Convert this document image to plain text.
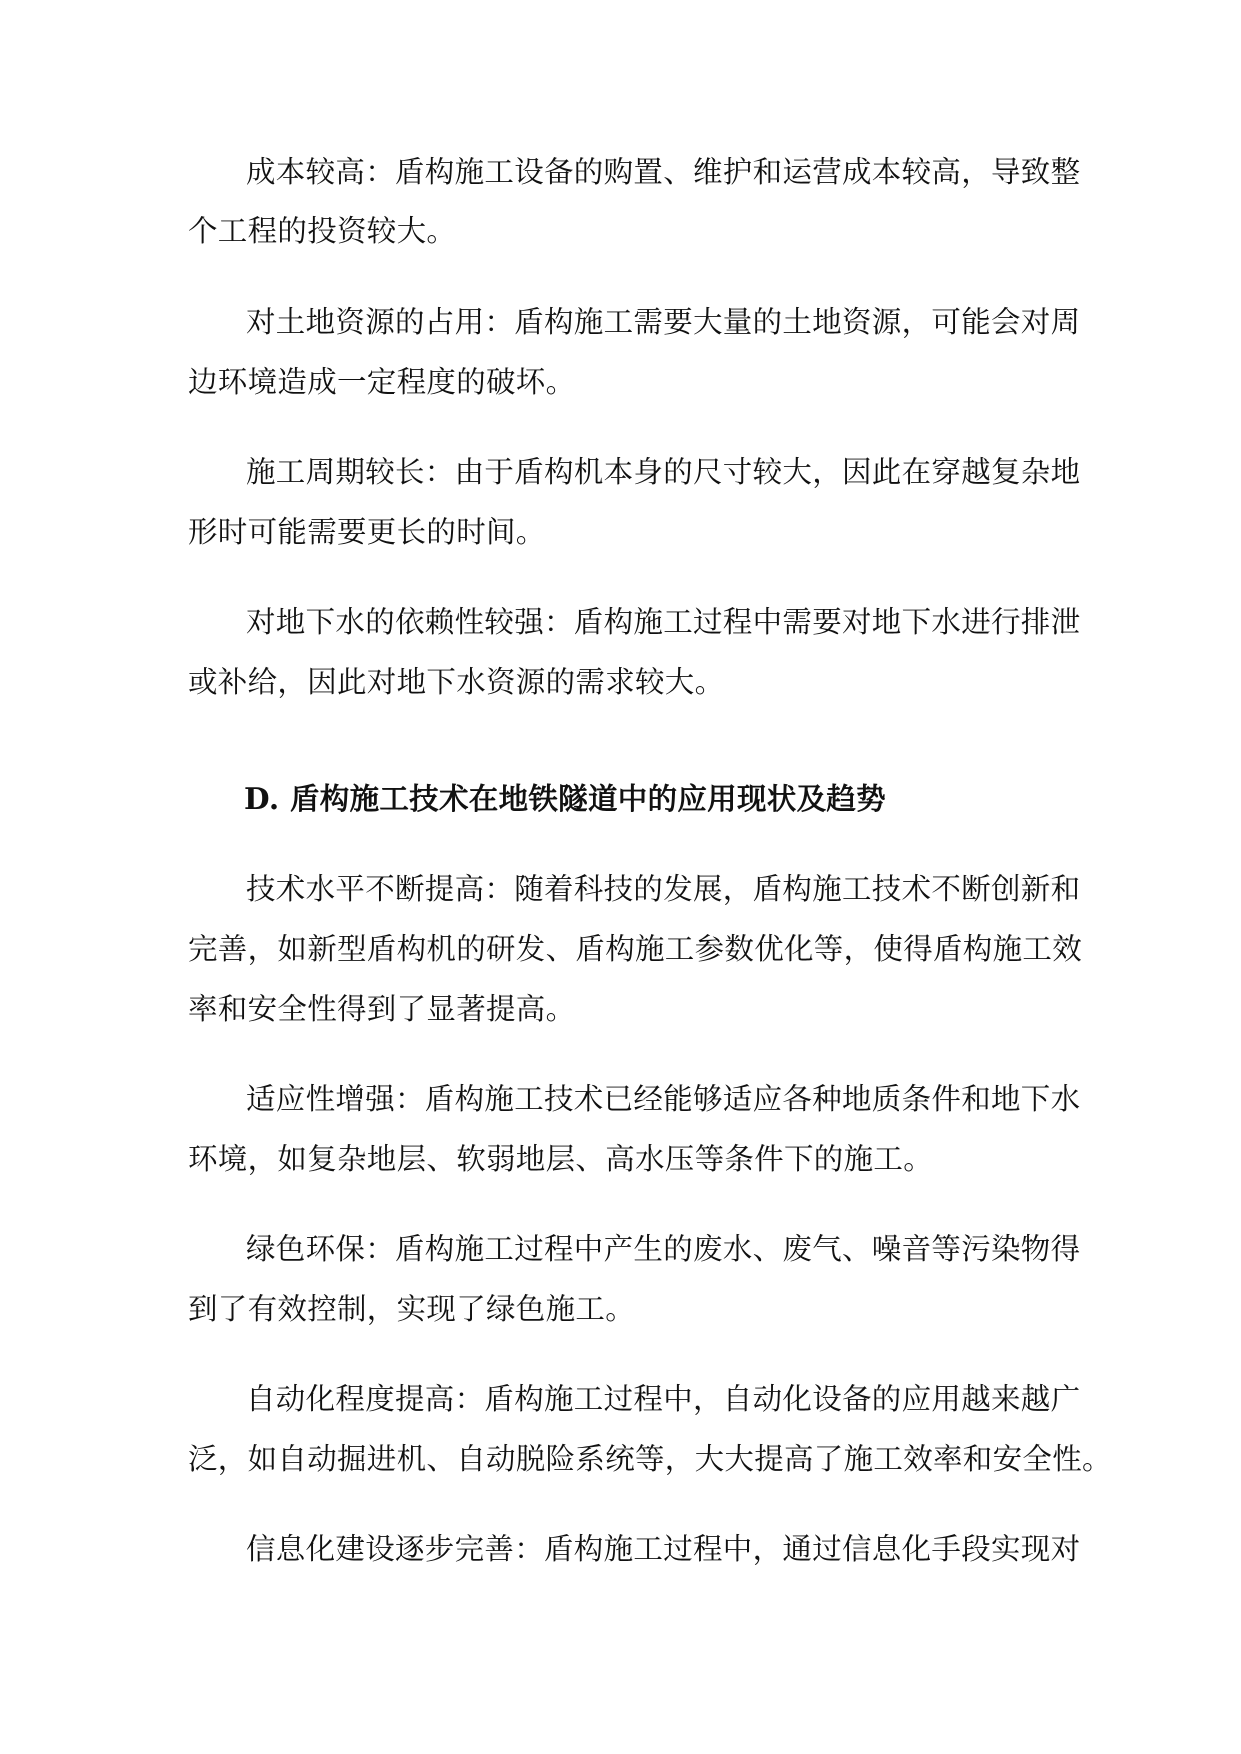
成本较高：盾构施工设备的购置、维护和运营成本较高，导致整
个工程的投资较大。
对土地资源的占用：盾构施工需要大量的土地资源，可能会对周
边环境造成一定程度的破坏。
施工周期较长：由于盾构机本身的尺寸较大，因此在穿越复杂地
形时可能需要更长的时间。
对地下水的依赖性较强：盾构施工过程中需要对地下水进行排泄
或补给，因此对地下水资源的需求较大。
D. 盾构施工技术在地铁隧道中的应用现状及趋势
技术水平不断提高：随着科技的发展，盾构施工技术不断创新和
完善，如新型盾构机的研发、盾构施工参数优化等，使得盾构施工效
率和安全性得到了显著提高。
适应性增强：盾构施工技术已经能够适应各种地质条件和地下水
环境，如复杂地层、软弱地层、高水压等条件下的施工。
绿色环保：盾构施工过程中产生的废水、废气、噪音等污染物得
到了有效控制，实现了绿色施工。
自动化程度提高：盾构施工过程中，自动化设备的应用越来越广
泛，如自动掘进机、自动脱险系统等，大大提高了施工效率和安全性。
信息化建设逐步完善：盾构施工过程中，通过信息化手段实现对
